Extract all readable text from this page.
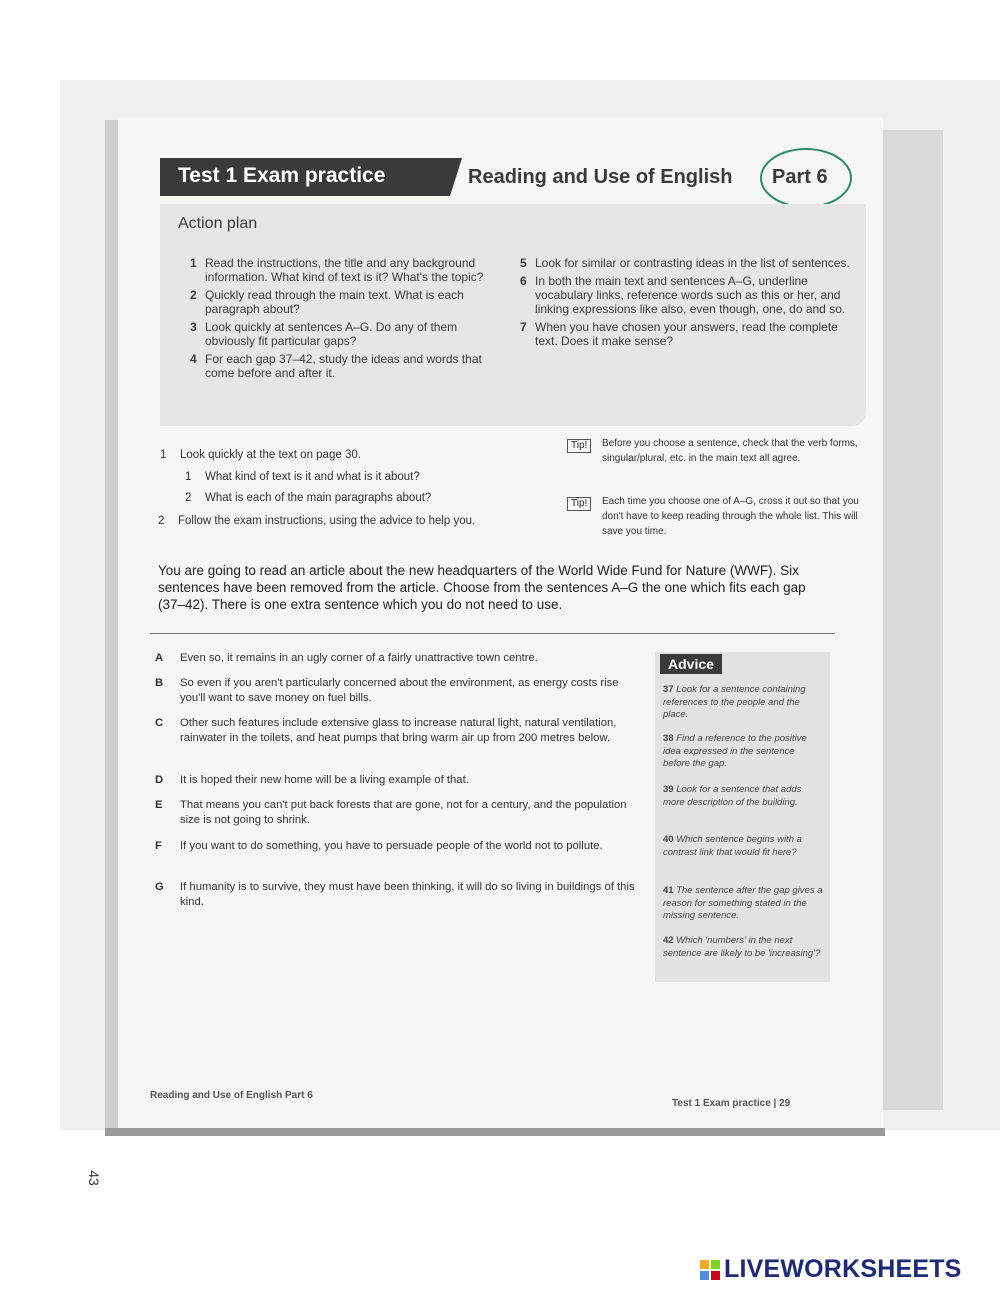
Test 1 Exam practice	Reading and Use of English Part 6
Action plan
1 Read the instructions, the title and any background information. What kind of text is it? What's the topic?
2 Quickly read through the main text. What is each paragraph about?
3 Look quickly at sentences A–G. Do any of them obviously fit particular gaps?
4 For each gap 37–42, study the ideas and words that come before and after it.
5 Look for similar or contrasting ideas in the list of sentences.
6 In both the main text and sentences A–G, underline vocabulary links, reference words such as this or her, and linking expressions like also, even though, one, do and so.
7 When you have chosen your answers, read the complete text. Does it make sense?
1 Look quickly at the text on page 30.
1 What kind of text is it and what is it about?
2 What is each of the main paragraphs about?
2 Follow the exam instructions, using the advice to help you.
Tip!	Before you choose a sentence, check that the verb forms, singular/plural, etc. in the main text all agree.
Tip!	Each time you choose one of A–G, cross it out so that you don't have to keep reading through the whole list. This will save you time.
You are going to read an article about the new headquarters of the World Wide Fund for Nature (WWF). Six sentences have been removed from the article. Choose from the sentences A–G the one which fits each gap (37–42). There is one extra sentence which you do not need to use.
A	Even so, it remains in an ugly corner of a fairly unattractive town centre.
B	So even if you aren't particularly concerned about the environment, as energy costs rise you'll want to save money on fuel bills.
C	Other such features include extensive glass to increase natural light, natural ventilation, rainwater in the toilets, and heat pumps that bring warm air up from 200 metres below.
D	It is hoped their new home will be a living example of that.
E	That means you can't put back forests that are gone, not for a century, and the population size is not going to shrink.
F	If you want to do something, you have to persuade people of the world not to pollute.
G	If humanity is to survive, they must have been thinking, it will do so living in buildings of this kind.
Advice
37 Look for a sentence containing references to the people and the place.
38 Find a reference to the positive idea expressed in the sentence before the gap.
39 Look for a sentence that adds more description of the building.
40 Which sentence begins with a contrast link that would fit here?
41 The sentence after the gap gives a reason for something stated in the missing sentence.
42 Which 'numbers' in the next sentence are likely to be 'increasing'?
Reading and Use of English Part 6
Test 1 Exam practice | 29
43
LIVEWORKSHEETS
